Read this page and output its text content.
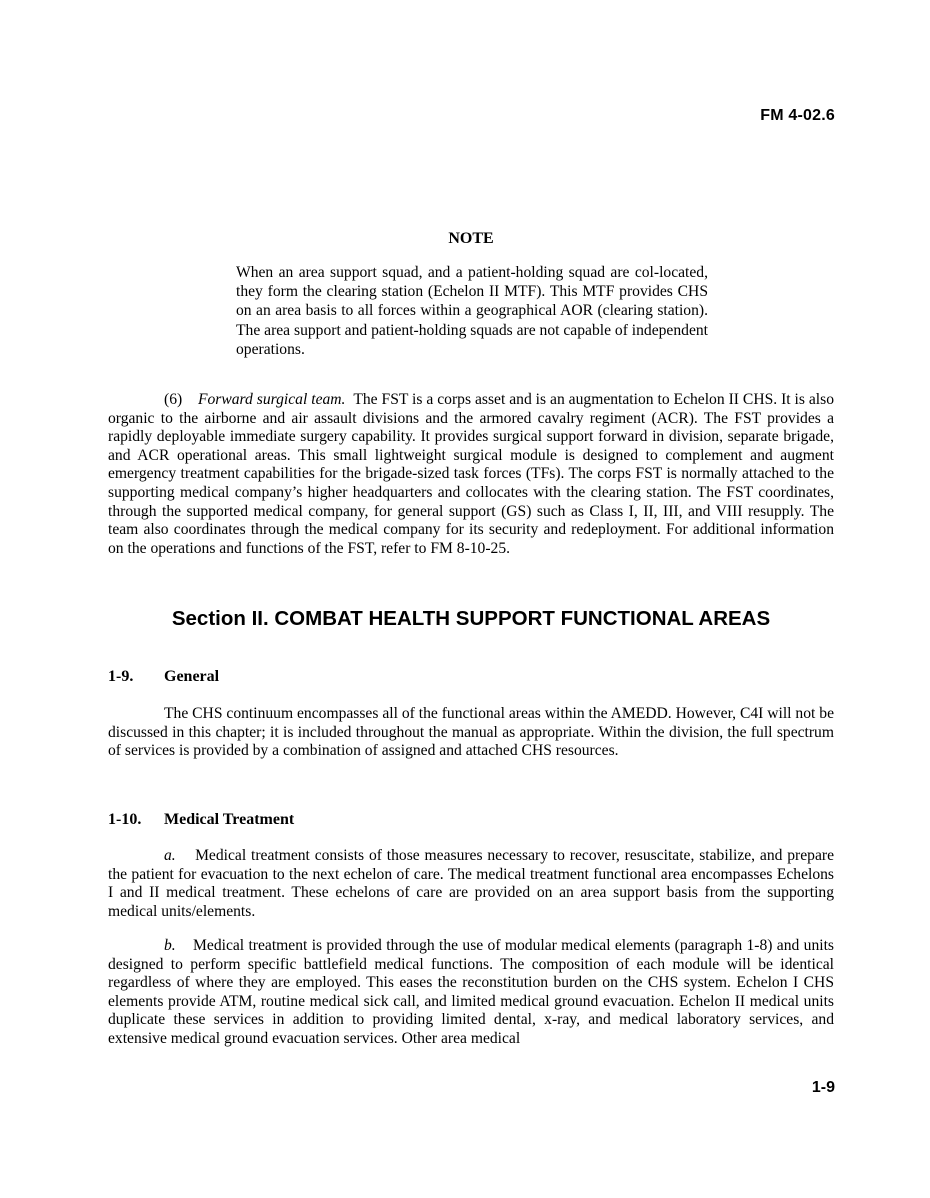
FM 4-02.6
NOTE
When an area support squad, and a patient-holding squad are col-located, they form the clearing station (Echelon II MTF). This MTF provides CHS on an area basis to all forces within a geographical AOR (clearing station). The area support and patient-holding squads are not capable of independent operations.

(6) Forward surgical team. The FST is a corps asset and is an augmentation to Echelon II CHS. It is also organic to the airborne and air assault divisions and the armored cavalry regiment (ACR). The FST provides a rapidly deployable immediate surgery capability. It provides surgical support forward in division, separate brigade, and ACR operational areas. This small lightweight surgical module is designed to complement and augment emergency treatment capabilities for the brigade-sized task forces (TFs). The corps FST is normally attached to the supporting medical company’s higher headquarters and collocates with the clearing station. The FST coordinates, through the supported medical company, for general support (GS) such as Class I, II, III, and VIII resupply. The team also coordinates through the medical company for its security and redeployment. For additional information on the operations and functions of the FST, refer to FM 8-10-25.

Section II. COMBAT HEALTH SUPPORT FUNCTIONAL AREAS
1-9. General

The CHS continuum encompasses all of the functional areas within the AMEDD. However, C4I will not be discussed in this chapter; it is included throughout the manual as appropriate. Within the division, the full spectrum of services is provided by a combination of assigned and attached CHS resources.

1-10. Medical Treatment

a. Medical treatment consists of those measures necessary to recover, resuscitate, stabilize, and prepare the patient for evacuation to the next echelon of care. The medical treatment functional area encompasses Echelons I and II medical treatment. These echelons of care are provided on an area support basis from the supporting medical units/elements.

b. Medical treatment is provided through the use of modular medical elements (paragraph 1-8) and units designed to perform specific battlefield medical functions. The composition of each module will be identical regardless of where they are employed. This eases the reconstitution burden on the CHS system. Echelon I CHS elements provide ATM, routine medical sick call, and limited medical ground evacuation. Echelon II medical units duplicate these services in addition to providing limited dental, x-ray, and medical laboratory services, and extensive medical ground evacuation services. Other area medical

1-9
